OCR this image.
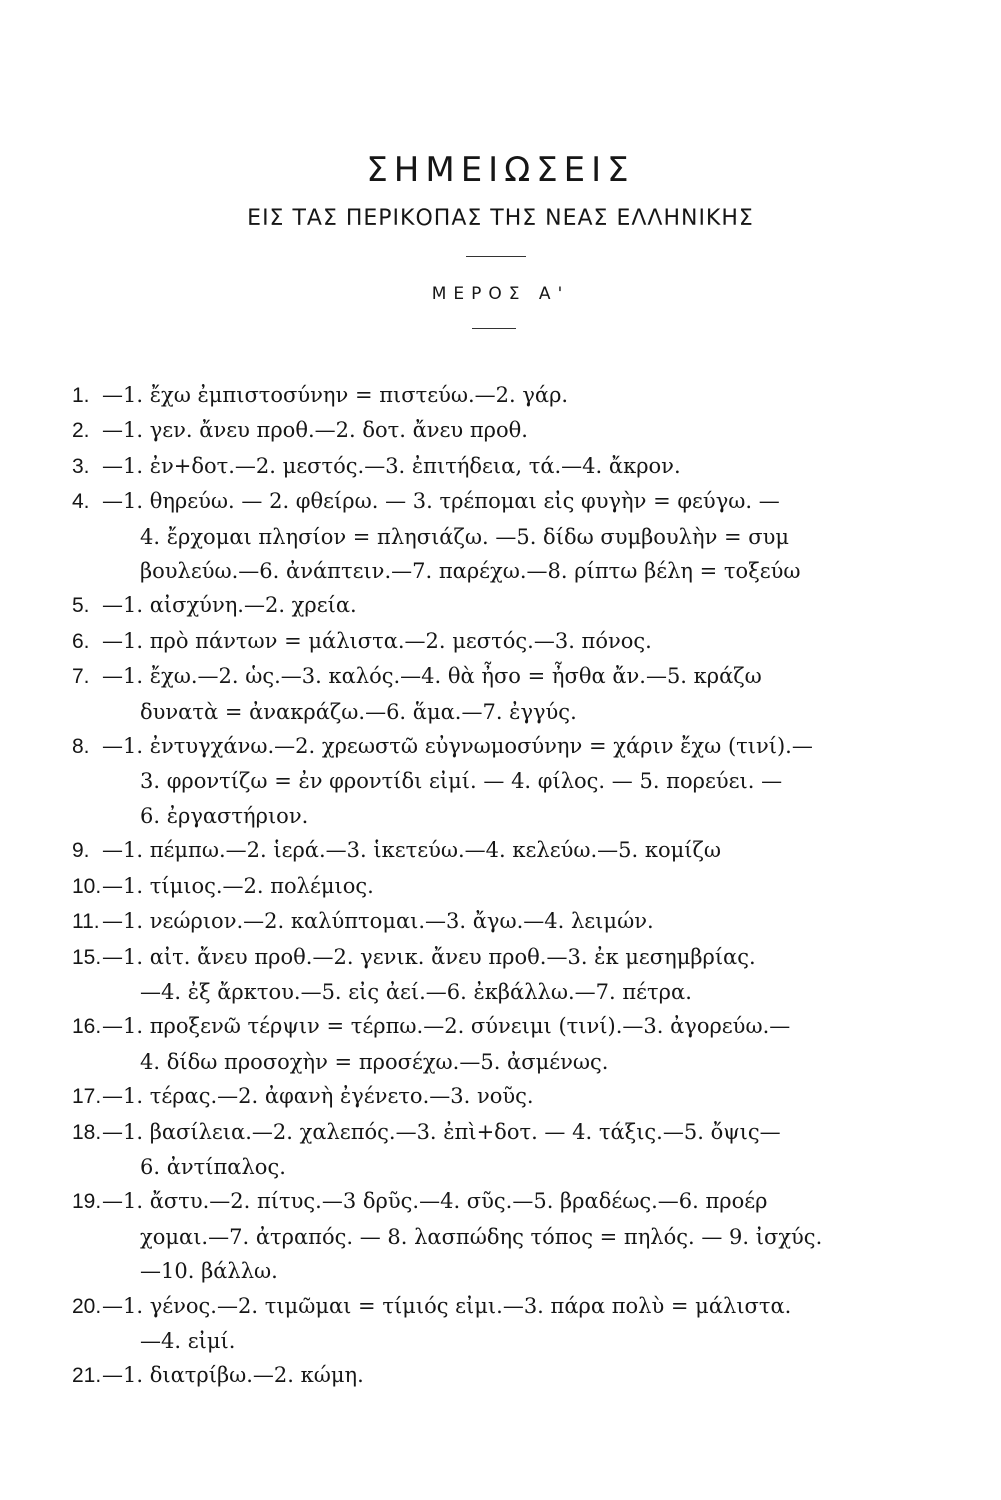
ΣΗΜΕΙΩΣΕΙΣ
ΕΙΣ ΤΑΣ ΠΕΡΙΚΟΠΑΣ ΤΗΣ ΝΕΑΣ ΕΛΛΗΝΙΚΗΣ
ΜΕΡΟΣ Α'
1. —1. ἔχω ἐμπιστοσύνην = πιστεύω.—2. γάρ.
2. —1. γεν. ἄνευ προθ.—2. δοτ. ἄνευ προθ.
3. —1. ἐν+δοτ.—2. μεστός.—3. ἐπιτήδεια, τά.—4. ἄκρον.
4. —1. θηρεύω. — 2. φθείρω. — 3. τρέπομαι εἰς φυγὴν = φεύγω. —
4. ἔρχομαι πλησίον = πλησιάζω. —5. δίδω συμβουλὴν = συμ
βουλεύω.—6. ἀνάπτειν.—7. παρέχω.—8. ρίπτω βέλη = τοξεύω
5. —1. αἰσχύνη.—2. χρεία.
6. —1. πρὸ πάντων = μάλιστα.—2. μεστός.—3. πόνος.
7. —1. ἔχω.—2. ὡς.—3. καλός.—4. θὰ ἦσο = ἦσθα ἄν.—5. κράζω
δυνατὰ = ἀνακράζω.—6. ἅμα.—7. ἐγγύς.
8. —1. ἐντυγχάνω.—2. χρεωστῶ εὐγνωμοσύνην = χάριν ἔχω (τινί).—
3. φροντίζω = ἐν φροντίδι εἰμί. — 4. φίλος. — 5. πορεύει. —
6. ἐργαστήριον.
9. —1. πέμπω.—2. ἱερά.—3. ἱκετεύω.—4. κελεύω.—5. κομίζω
10.—1. τίμιος.—2. πολέμιος.
11. —1. νεώριον.—2. καλύπτομαι.—3. ἄγω.—4. λειμών.
15.—1. αἰτ. ἄνευ προθ.—2. γενικ. ἄνευ προθ.—3. ἐκ μεσημβρίας.
—4. ἐξ ἄρκτου.—5. εἰς ἀεί.—6. ἐκβάλλω.—7. πέτρα.
16.—1. προξενῶ τέρψιν = τέρπω.—2. σύνειμι (τινί).—3. ἀγορεύω.—
4. δίδω προσοχὴν = προσέχω.—5. ἀσμένως.
17.—1. τέρας.—2. ἀφανὴ ἐγένετο.—3. νοῦς.
18.—1. βασίλεια.—2. χαλεπός.—3. ἐπὶ+δοτ. — 4. τάξις.—5. ὄψις—
6. ἀντίπαλος.
19.—1. ἄστυ.—2. πίτυς.—3 δρῦς.—4. σῦς.—5. βραδέως.—6. προέρ
χομαι.—7. ἀτραπός. — 8. λασπώδης τόπος = πηλός. — 9. ἰσχύς.
—10. βάλλω.
20.—1. γένος.—2. τιμῶμαι = τίμιός εἰμι.—3. πάρα πολὺ = μάλιστα.
—4. εἰμί.
21.—1. διατρίβω.—2. κώμη.
